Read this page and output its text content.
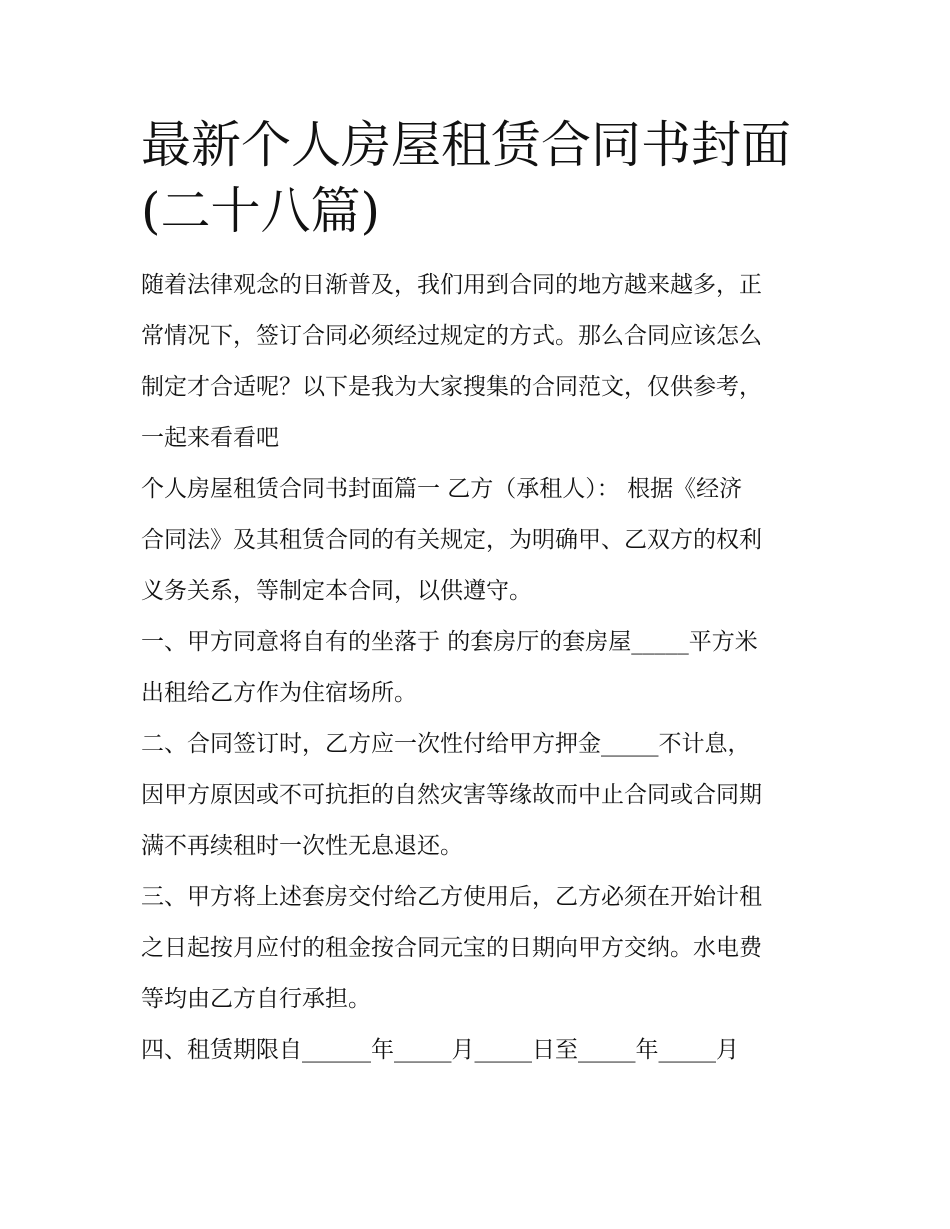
最新个人房屋租赁合同书封面
(二十八篇)

随着法律观念的日渐普及，我们用到合同的地方越来越多，正
常情况下，签订合同必须经过规定的方式。那么合同应该怎么
制定才合适呢？以下是我为大家搜集的合同范文，仅供参考，
一起来看看吧

个人房屋租赁合同书封面篇一 乙方（承租人）： 根据《经济
合同法》及其租赁合同的有关规定，为明确甲、乙双方的权利
义务关系，等制定本合同，以供遵守。

一、甲方同意将自有的坐落于 的套房厅的套房屋_____平方米
出租给乙方作为住宿场所。

二、合同签订时，乙方应一次性付给甲方押金_____不计息，
因甲方原因或不可抗拒的自然灾害等缘故而中止合同或合同期
满不再续租时一次性无息退还。

三、甲方将上述套房交付给乙方使用后，乙方必须在开始计租
之日起按月应付的租金按合同元宝的日期向甲方交纳。水电费
等均由乙方自行承担。

四、租赁期限自______年_____月_____日至_____年_____月
